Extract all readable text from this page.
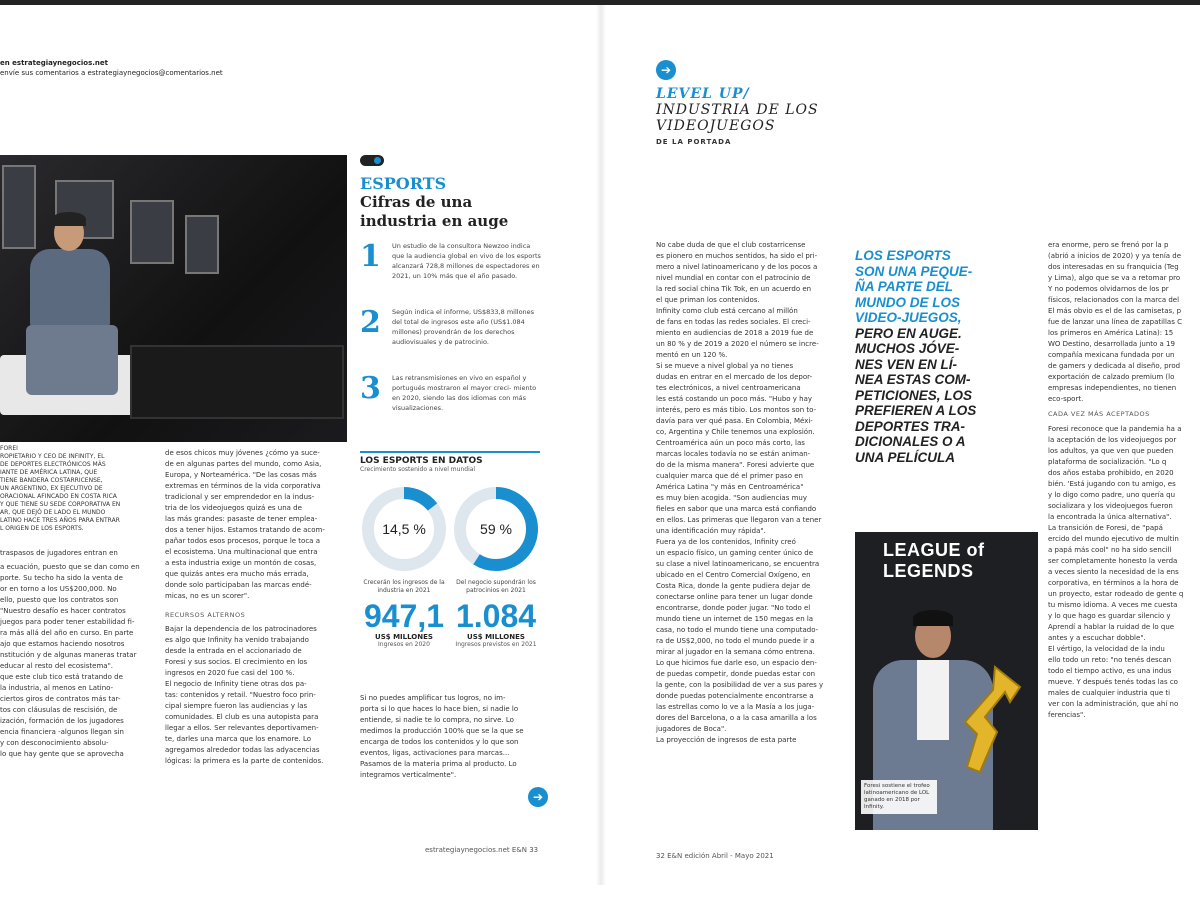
en estrategiaynegocios.net
envíe sus comentarios a estrategiaynegocios@comentarios.net
FOREI
ROPIETARIO Y CEO DE INFINITY, EL
DE DEPORTES ELECTRÓNICOS MÁS
IANTE DE AMÉRICA LATINA, QUE
TIENE BANDERA COSTARRICENSE,
UN ARGENTINO, EX EJECUTIVO DE
ORACIONAL AFINCADO EN COSTA RICA
Y QUE TIENE SU SEDE CORPORATIVA EN
AR, QUE DEJÓ DE LADO EL MUNDO
LATINO HACE TRES AÑOS PARA ENTRAR
L ORIGEN DE LOS ESPORTS.

traspasos de jugadores entran en

a ecuación, puesto que se dan como en
porte. Su techo ha sido la venta de
or en torno a los US$200,000. No
ello, puesto que los contratos son
"Nuestro desafío es hacer contratos
juegos para poder tener estabilidad fi-
ra más allá del año en curso. En parte
ajo que estamos haciendo nosotros
nstitución y de algunas maneras tratar
educar al resto del ecosistema".
que este club tico está tratando de
la industria, al menos en Latino-
ciertos giros de contratos más tar-
tos con cláusulas de rescisión, de
ización, formación de los jugadores
encia financiera -algunos llegan sin
y con desconocimiento absolu-
lo que hay gente que se aprovecha
de esos chicos muy jóvenes ¿cómo ya suce-
de en algunas partes del mundo, como Asia,
Europa, y Norteamérica. "De las cosas más
extremas en términos de la vida corporativa
tradicional y ser emprendedor en la indus-
tria de los videojuegos quizá es una de
las más grandes: pasaste de tener emplea-
dos a tener hijos. Estamos tratando de acom-
pañar todos esos procesos, porque le toca a
el ecosistema. Una multinacional que entra
a esta industria exige un montón de cosas,
que quizás antes era mucho más errada,
donde solo participaban las marcas endé-
micas, no es un scorer".
RECURSOS ALTERNOS
Bajar la dependencia de los patrocinadores
es algo que Infinity ha venido trabajando
desde la entrada en el accionariado de
Foresi y sus socios. El crecimiento en los
ingresos en 2020 fue casi del 100 %.
El negocio de Infinity tiene otras dos pa-
tas: contenidos y retail. "Nuestro foco prin-
cipal siempre fueron las audiencias y las
comunidades. El club es una autopista para
llegar a ellos. Ser relevantes deportivamen-
te, darles una marca que los enamore. Lo
agregamos alrededor todas las adyacencias
lógicas: la primera es la parte de contenidos.
ESPORTS
Cifras de una industria en auge
1 Un estudio de la consultora Newzoo indica que la audiencia global en vivo de los esports alcanzará 728,8 millones de espectadores en 2021, un 10% más que el año pasado.
2 Según indica el informe, US$833,8 millones del total de ingresos este año (US$1.084 millones) provendrán de los derechos audiovisuales y de patrocinio.
3 Las retransmisiones en vivo en español y portugués mostraron el mayor creci- miento en 2020, siendo las dos idiomas con más visualizaciones.
LOS ESPORTS EN DATOS
Crecimiento sostenido a nivel mundial
14,5 %
Crecerán los ingresos de la industria en 2021
59 %
Del negocio supondrán los patrocinios en 2021
947,1
US$ MILLONES
Ingresos en 2020
1.084
US$ MILLONES
Ingresos previstos en 2021
Si no puedes amplificar tus logros, no im-
porta si lo que haces lo hace bien, si nadie lo
entiende, si nadie te lo compra, no sirve. Lo
medimos la producción 100% que se la que se
encarga de todos los contenidos y lo que son
eventos, ligas, activaciones para marcas...
Pasamos de la materia prima al producto. Lo
integramos verticalmente".
➔
estrategiaynegocios.net E&N 33
➔
LEVEL UP/
INDUSTRIA DE LOS
VIDEOJUEGOS
DE LA PORTADA
No cabe duda de que el club costarricense
es pionero en muchos sentidos, ha sido el pri-
mero a nivel latinoamericano y de los pocos a
nivel mundial en contar con el patrocinio de
la red social china Tik Tok, en un acuerdo en
el que priman los contenidos.
Infinity como club está cercano al millón
de fans en todas las redes sociales. El creci-
miento en audiencias de 2018 a 2019 fue de
un 80 % y de 2019 a 2020 el número se incre-
mentó en un 120 %.
Si se mueve a nivel global ya no tienes
dudas en entrar en el mercado de los depor-
tes electrónicos, a nivel centroamericana
les está costando un poco más. "Hubo y hay
interés, pero es más tibio. Los montos son to-
davía para ver qué pasa. En Colombia, Méxi-
co, Argentina y Chile tenemos una explosión.
Centroamérica aún un poco más corto, las
marcas locales todavía no se están animan-
do de la misma manera". Foresi advierte que
cualquier marca que dé el primer paso en
América Latina "y más en Centroamérica"
es muy bien acogida. "Son audiencias muy
fieles en sabor que una marca está confiando
en ellos. Las primeras que llegaron van a tener
una identificación muy rápida".
Fuera ya de los contenidos, Infinity creó
un espacio físico, un gaming center único de
su clase a nivel latinoamericano, se encuentra
ubicado en el Centro Comercial Oxígeno, en
Costa Rica, donde la gente pudiera dejar de
conectarse online para tener un lugar donde
encontrarse, donde poder jugar. "No todo el
mundo tiene un internet de 150 megas en la
casa, no todo el mundo tiene una computado-
ra de US$2,000, no todo el mundo puede ir a
mirar al jugador en la semana cómo entrena.
Lo que hicimos fue darle eso, un espacio den-
de puedas competir, donde puedas estar con
la gente, con la posibilidad de ver a sus pares y
donde puedas potencialmente encontrarse a
las estrellas como lo ve a la Masía a los juga-
dores del Barcelona, o a la casa amarilla a los
jugadores de Boca".
La proyección de ingresos de esta parte
LOS ESPORTS SON UNA PEQUE- ÑA PARTE DEL MUNDO DE LOS VIDEO-JUEGOS, PERO EN AUGE. MUCHOS JÓVE- NES VEN EN LÍ- NEA ESTAS COM- PETICIONES, LOS PREFIEREN A LOS DEPORTES TRA- DICIONALES O A UNA PELÍCULA
LEAGUE of
LEGENDS
Foresi sostiene el trofeo latinoamericano de LOL ganado en 2018 por Infinity.
era enorme, pero se frenó por la p
(abrió a inicios de 2020) y ya tenía de
dos interesadas en su franquicia (Teg
y Lima), algo que se va a retomar pro
Y no podemos olvidarnos de los pr
físicos, relacionados con la marca del
El más obvio es el de las camisetas, p
fue de lanzar una línea de zapatillas C
los primeros en América Latina): 15
WO Destino, desarrollada junto a 19
compañía mexicana fundada por un
de gamers y dedicada al diseño, prod
exportación de calzado premium (lo
empresas independientes, no tienen
eco-sport.
CADA VEZ MÁS ACEPTADOS
Foresi reconoce que la pandemia ha a
la aceptación de los videojuegos por
los adultos, ya que ven que pueden
plataforma de socialización. "Lo q
dos años estaba prohibido, en 2020
bién. 'Está jugando con tu amigo, es
y lo digo como padre, uno quería qu
socializara y los videojuegos fueron
la encontrada la única alternativa".
La transición de Foresi, de "papá
ercido del mundo ejecutivo de multin
a papá más cool" no ha sido sencill
ser completamente honesto la verda
a veces siento la necesidad de la ens
corporativa, en términos a la hora de
un proyecto, estar rodeado de gente q
tu mismo idioma. A veces me cuesta
y lo que hago es guardar silencio y
Aprendí a hablar la ruidad de lo que
antes y a escuchar dobble".
El vértigo, la velocidad de la indu
ello todo un reto: "no tenés descan
todo el tiempo activo, es una indus
mueve. Y después tenés todas las co
males de cualquier industria que ti
ver con la administración, que ahí no
ferencias".
32 E&N edición Abril - Mayo 2021
